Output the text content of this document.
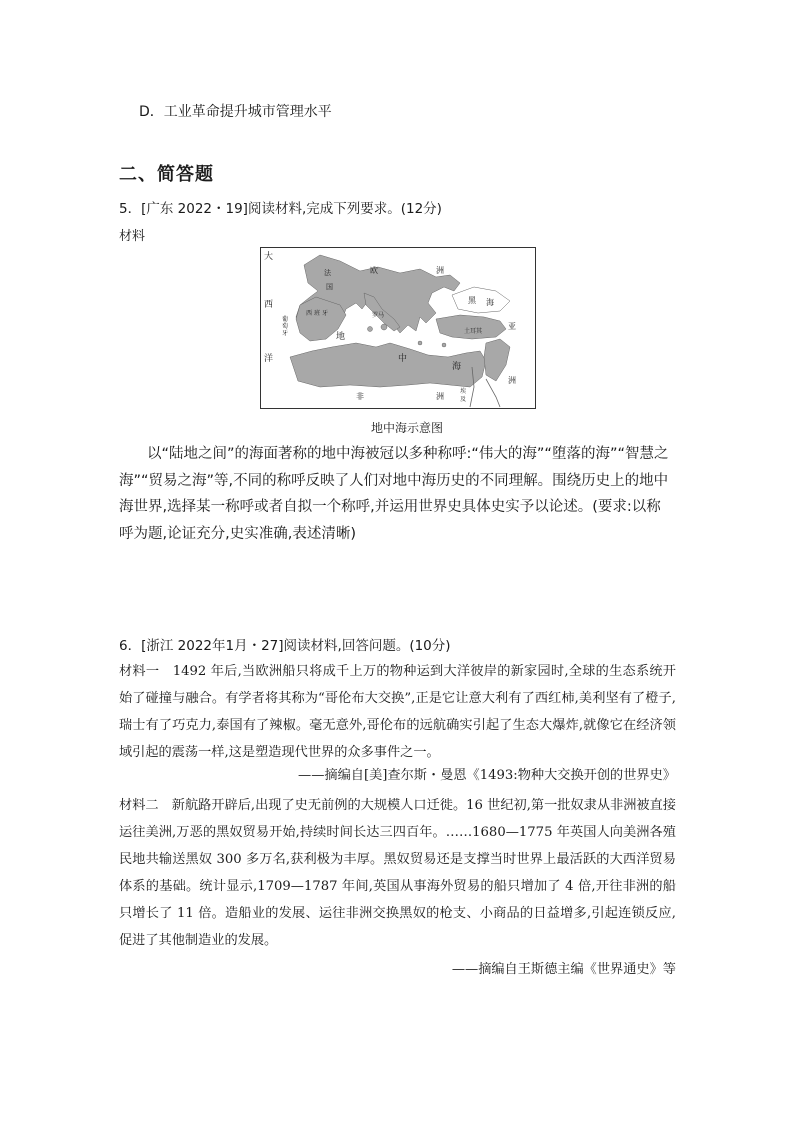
D．工业革命提升城市管理水平
二、简答题
5．[广东 2022・19]阅读材料,完成下列要求。(12分)
材料
大
西
洋
葡
萄
牙
西 班 牙
法
国
欧	洲
黑 海
罗 马
土耳其
地
中
海
亚
洲
非	洲
埃
及
地中海示意图
以“陆地之间”的海面著称的地中海被冠以多种称呼:“伟大的海”“堕落的海”“智慧之海”“贸易之海”等,不同的称呼反映了人们对地中海历史的不同理解。围绕历史上的地中海世界,选择某一称呼或者自拟一个称呼,并运用世界史具体史实予以论述。(要求:以称呼为题,论证充分,史实准确,表述清晰)
6．[浙江 2022年1月・27]阅读材料,回答问题。(10分)
材料一　1492 年后,当欧洲船只将成千上万的物种运到大洋彼岸的新家园时,全球的生态系统开始了碰撞与融合。有学者将其称为“哥伦布大交换”,正是它让意大利有了西红柿,美利坚有了橙子,瑞士有了巧克力,泰国有了辣椒。毫无意外,哥伦布的远航确实引起了生态大爆炸,就像它在经济领域引起的震荡一样,这是塑造现代世界的众多事件之一。
——摘编自[美]查尔斯・曼恩《1493:物种大交换开创的世界史》
材料二　新航路开辟后,出现了史无前例的大规模人口迁徙。16 世纪初,第一批奴隶从非洲被直接运往美洲,万恶的黑奴贸易开始,持续时间长达三四百年。……1680—1775 年英国人向美洲各殖民地共输送黑奴 300 多万名,获利极为丰厚。黑奴贸易还是支撑当时世界上最活跃的大西洋贸易体系的基础。统计显示,1709—1787 年间,英国从事海外贸易的船只增加了 4 倍,开往非洲的船只增长了 11 倍。造船业的发展、运往非洲交换黑奴的枪支、小商品的日益增多,引起连锁反应,促进了其他制造业的发展。
——摘编自王斯德主编《世界通史》等
